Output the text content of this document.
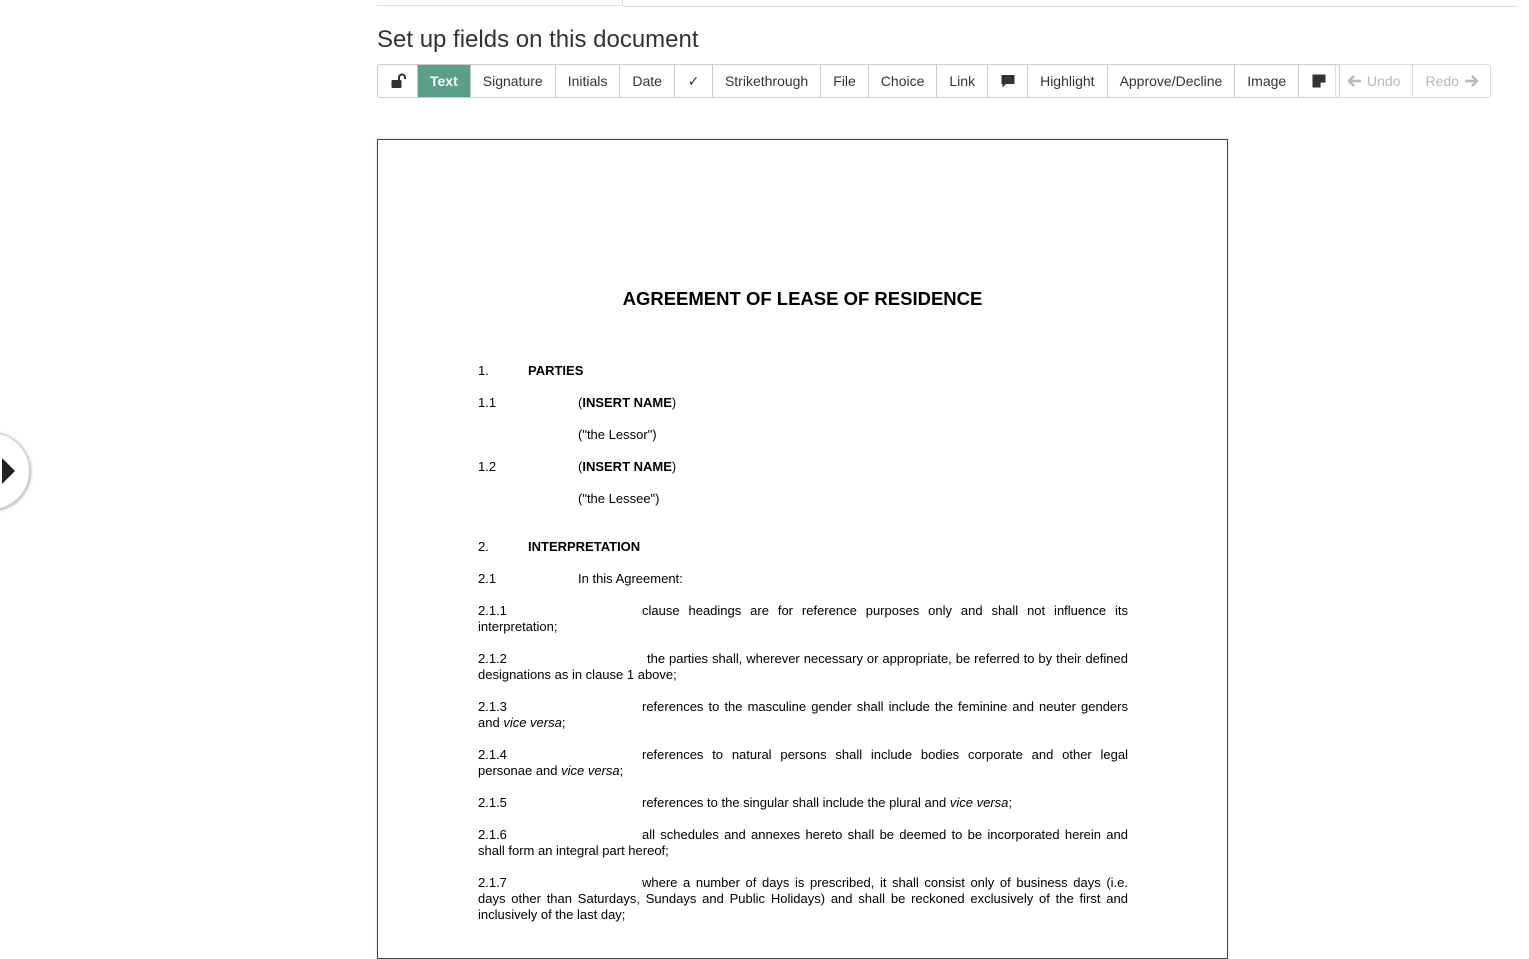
Set up fields on this document
Text	Signature	Initials	Date	✓	Strikethrough	File	Choice	Link	Highlight	Approve/Decline	Image	Undo Redo
AGREEMENT OF LEASE OF RESIDENCE
1.	PARTIES
1.1	(INSERT NAME)
("the Lessor")
1.2	(INSERT NAME)
("the Lessee")
2.	INTERPRETATION
2.1	In this Agreement:
2.1.1	clause headings are for reference purposes only and shall not influence its interpretation;
2.1.2	the parties shall, wherever necessary or appropriate, be referred to by their defined designations as in clause 1 above;
2.1.3	references to the masculine gender shall include the feminine and neuter genders and vice versa;
2.1.4	references to natural persons shall include bodies corporate and other legal personae and vice versa;
2.1.5	references to the singular shall include the plural and vice versa;
2.1.6	all schedules and annexes hereto shall be deemed to be incorporated herein and shall form an integral part hereof;
2.1.7	where a number of days is prescribed, it shall consist only of business days (i.e. days other than Saturdays, Sundays and Public Holidays) and shall be reckoned exclusively of the first and inclusively of the last day;
